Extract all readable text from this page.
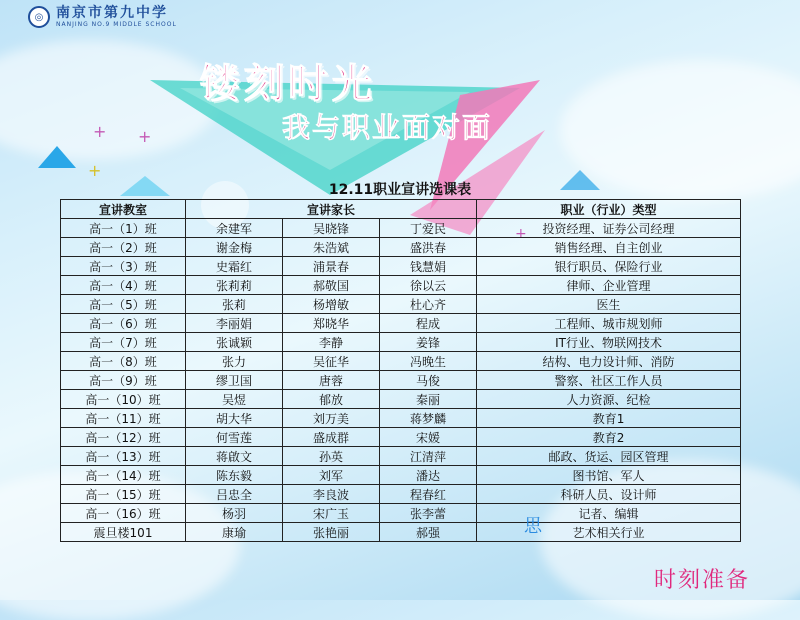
+ +
+
+
◎ 南京市第九中学
NANJING NO.9 MIDDLE SCHOOL
镂刻时光
我与职业面对面
12.11职业宣讲选课表
宣讲教室	宣讲家长			职业（行业）类型
高一（1）班	余建军	吴晓锋	丁爱民	投资经理、证券公司经理
高一（2）班	谢金梅	朱浩斌	盛洪春	销售经理、自主创业
高一（3）班	史霜红	浦景春	钱慧娟	银行职员、保险行业
高一（4）班	张莉莉	郝敬国	徐以云	律师、企业管理
高一（5）班	张莉	杨增敏	杜心齐	医生
高一（6）班	李丽娟	郑晓华	程成	工程师、城市规划师
高一（7）班	张诚颖	李静	姜锋	IT行业、物联网技术
高一（8）班	张力	吴征华	冯晚生	结构、电力设计师、消防
高一（9）班	缪卫国	唐蓉	马俊	警察、社区工作人员
高一（10）班	吴煜	郁放	秦丽	人力资源、纪检
高一（11）班	胡大华	刘万美	蒋梦麟	教育1
高一（12）班	何雪莲	盛成群	宋媛	教育2
高一（13）班	蒋啟文	孙英	江清萍	邮政、货运、园区管理
高一（14）班	陈东毅	刘军	潘达	图书馆、军人
高一（15）班	吕忠全	李良波	程春红	科研人员、设计师
高一（16）班	杨羽	宋广玉	张李蕾	记者、编辑
震旦楼101	康瑜	张艳丽	郝强	艺术相关行业
思
时刻准备
